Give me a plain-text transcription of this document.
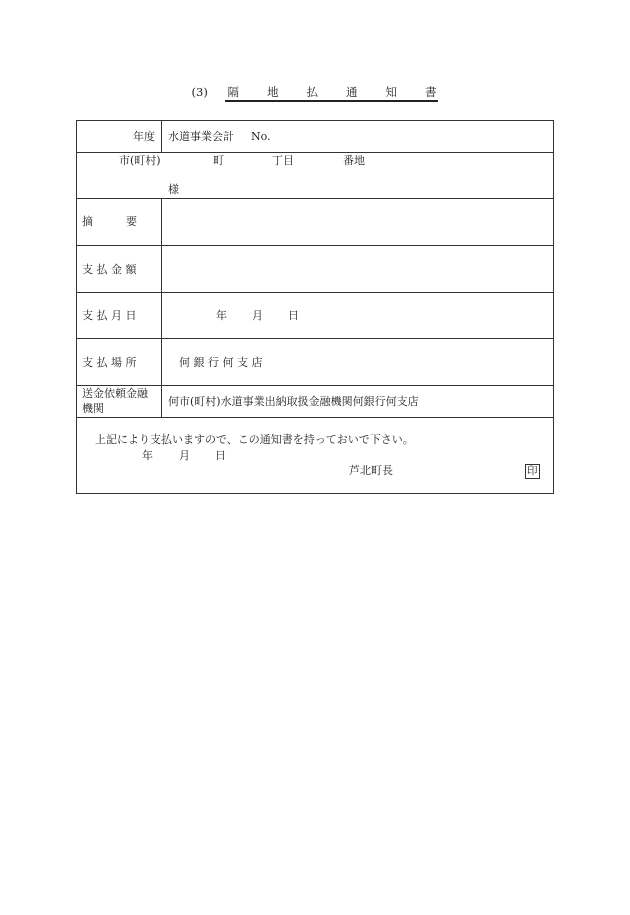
(3) 隔 地 払 通 知 書
年度 水道事業会計 No.
市(町村)	町	丁目	番地
様
摘　　　要
支 払 金 額
支 払 月 日	年 月 日
支 払 場 所	何 銀 行 何 支 店
送金依頼金融
機関
何市(町村)水道事業出納取扱金融機関何銀行何支店
上記により支払いますので、この通知書を持っておいで下さい。
年 月 日
芦北町長	印
